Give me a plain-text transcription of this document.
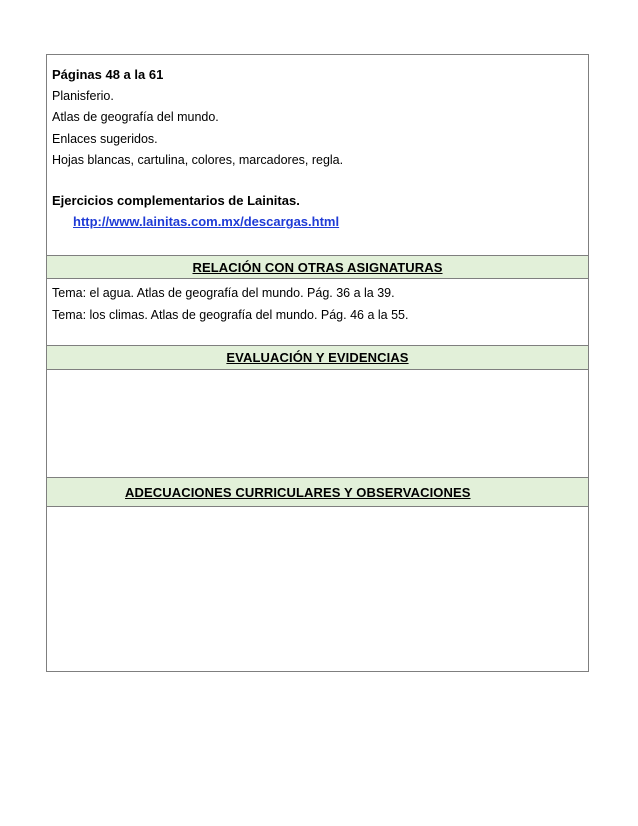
Páginas 48 a la 61
Planisferio.
Atlas de geografía del mundo.
Enlaces sugeridos.
Hojas blancas, cartulina, colores, marcadores, regla.
Ejercicios complementarios de Lainitas.
http://www.lainitas.com.mx/descargas.html
RELACIÓN CON OTRAS ASIGNATURAS
Tema: el agua. Atlas de geografía del mundo. Pág. 36 a la 39.
Tema: los climas. Atlas de geografía del mundo. Pág. 46 a la 55.
EVALUACIÓN Y EVIDENCIAS
ADECUACIONES CURRICULARES Y OBSERVACIONES
